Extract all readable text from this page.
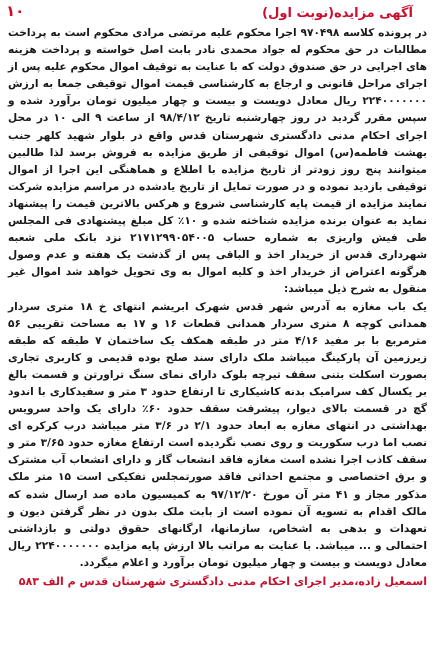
۱۰	آگهی مزایده(نوبت اول)

در پرونده کلاسه ۹۷۰۴۹۸ اجرا محکوم علیه مرتضی مرادی محکوم است به پرداخت مطالبات در حق محکوم له جواد محمدی نادر بابت اصل خواسته و پرداخت هزینه های اجرایی در حق صندوق دولت که با عنایت به توقیف اموال محکوم علیه پس از اجرای مراحل قانونی و ارجاع به کارشناسی قیمت اموال توقیفی جمعا به ارزش ۲۲۴۰۰۰۰۰۰۰ ریال معادل دویست و بیست و چهار میلیون تومان برآورد شده و سپس مقرر گردید در روز چهارشنبه تاریخ ۹۸/۴/۱۲ از ساعت ۹ الی ۱۰ در محل اجرای احکام مدنی دادگستری شهرستان قدس واقع در بلوار شهید کلهر جنب بهشت فاطمه(س) اموال توقیفی از طریق مزایده به فروش برسد لذا طالبین میتوانند پنج روز زودتر از تاریخ مزایده با اطلاع و هماهنگی این اجرا از اموال توقیفی بازدید نموده و در صورت تمایل از تاریخ یادشده در مراسم مزایده شرکت نمایند مزایده از قیمت پایه کارشناسی شروع و هرکس بالاترین قیمت را پیشنهاد نماید به عنوان برنده مزایده شناخته شده و ۱۰٪ کل مبلغ پیشنهادی فی المجلس طی فیش واریزی به شماره حساب ۲۱۷۱۲۹۹۰۵۴۰۰۵ نزد بانک ملی شعبه شهرداری قدس از خریدار اخذ و الباقی پس از گذشت یک هفته و عدم وصول هرگونه اعتراض از خریدار اخذ و کلیه اموال به وی تحویل خواهد شد اموال غیر منقول به شرح ذیل میباشد:

یک باب مغازه به آدرس شهر قدس شهرک ابریشم انتهای خ ۱۸ متری سردار همدانی کوچه ۸ متری سردار همدانی قطعات ۱۶ و ۱۷ به مساحت تقریبی ۵۶ مترمربع با بر مفید ۴/۱۶ متر در طبقه همکف یک ساختمان ۷ طبقه که طبقه زیرزمین آن پارکینگ میباشد ملک دارای سند صلح بوده قدیمی و کاربری تجاری بصورت اسکلت بتنی سقف تیرچه بلوک دارای نمای سنگ تراورتن و قسمت بالغ بر یکسال کف سرامیک بدنه کاشیکاری تا ارتفاع حدود ۳ متر و سفیدکاری با اندود گچ در قسمت بالای دیوار، پیشرفت سقف حدود ۶۰٪ دارای یک واحد سرویس بهداشتی در انتهای مغازه به ابعاد حدود ۲/۱ در ۳/۶ متر میباشد درب کرکره ای نصب اما درب سکوریت و روی نصب نگردیده است ارتفاع مغازه حدود ۳/۶۵ متر و سقف کاذب اجرا نشده است مغازه فاقد انشعاب گاز و دارای انشعاب آب مشترک و برق اختصاصی و مجتمع احداثی فاقد صورتمجلس تفکیکی است ۱۵ متر ملک مذکور مجاز و ۴۱ متر آن مورخ ۹۷/۱۲/۲۰ به کمیسیون ماده صد ارسال شده که مالک اقدام به تسویه آن نموده است از بابت ملک بدون در نظر گرفتن دیون و تعهدات و بدهی به اشخاص، سازمانها، ارگانهای حقوق دولتی و بازداشتی احتمالی و ... میباشد. با عنایت به مراتب بالا ارزش پایه مزایده ۲۲۴۰۰۰۰۰۰۰ ریال معادل دویست و بیست و چهار میلیون تومان برآورد و اعلام میگردد.

اسمعیل زاده،مدیر اجرای احکام مدنی دادگستری شهرستان قدس م الف ۵۸۳
